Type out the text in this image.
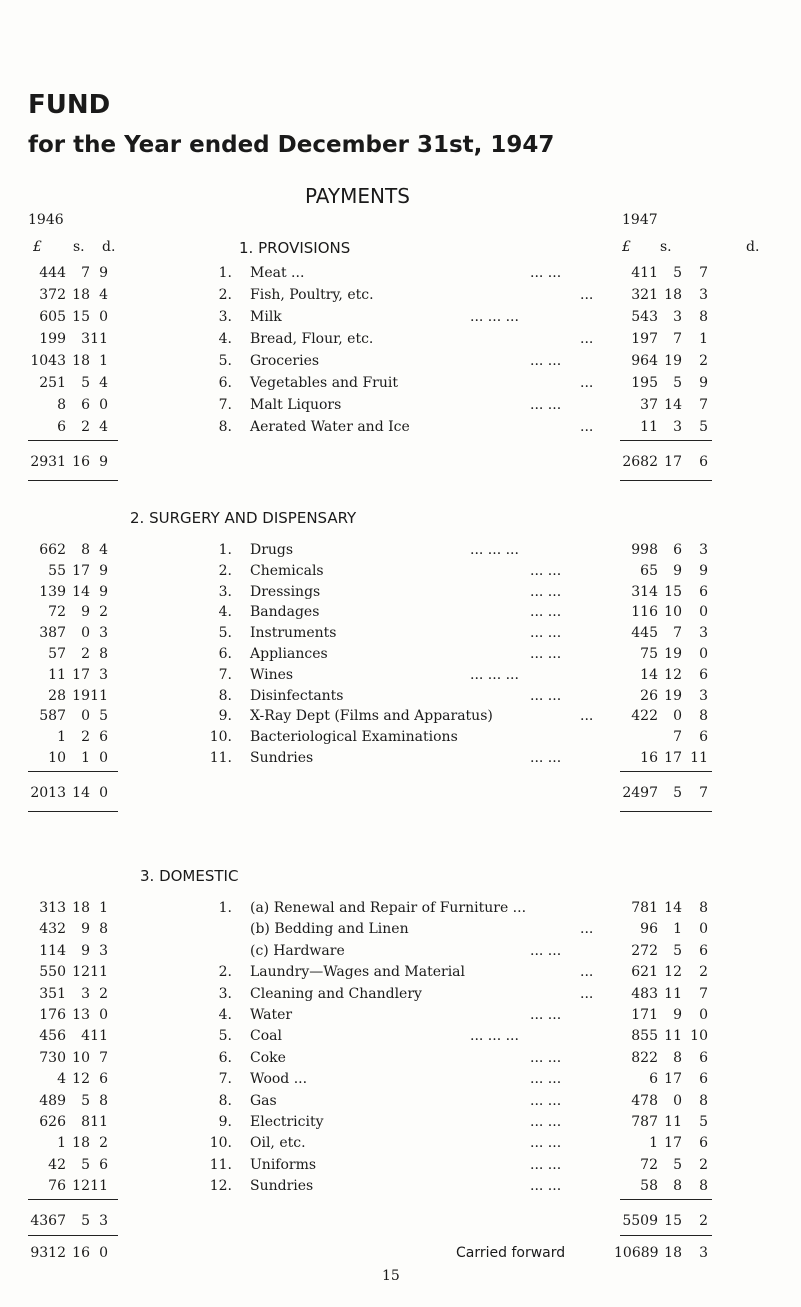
FUND
for the Year ended December 31st, 1947
PAYMENTS
1946	1947
£ s. d.	£ s.	d.
1. PROVISIONS
444	7 9	1. Meat ...	... ...	411	5	7
372 18 4	2. Fish, Poultry, etc.	...	321 18	3
605 15 0	3. Milk	... ... ...	543	3	8
199	3 11	4. Bread, Flour, etc.	...	197	7	1
1043 18 1	5. Groceries	... ...	964 19	2
251	5 4	6. Vegetables and Fruit	...	195	5	9
8	6 0	7. Malt Liquors	... ...	37 14	7
6	2 4	8. Aerated Water and Ice	...	11	3	5
2931 16 9	2682 17	6
2. SURGERY AND DISPENSARY
662	8 4	1. Drugs	... ... ...	998	6	3
55 17 9	2. Chemicals	... ...	65	9	9
139 14 9	3. Dressings	... ...	314 15	6
72	9 2	4. Bandages	... ...	116 10	0
387	0 3	5. Instruments	... ...	445	7	3
57	2 8	6. Appliances	... ...	75 19	0
11 17 3	7. Wines	... ... ...	14 12	6
28 19 11	8. Disinfectants	... ...	26 19	3
587	0 5	9. X-Ray Dept (Films and Apparatus)	...	422	0	8
1	2 6	10. Bacteriological Examinations	7	6
10	1 0	11. Sundries	... ...	16 17 11
2013 14 0	2497	5	7
3. DOMESTIC
313 18 1	1. (a) Renewal and Repair of Furniture ...	781 14	8
432	9 8	(b) Bedding and Linen	...	96	1	0
114	9 3	(c) Hardware	... ...	272	5	6
550 12 11	2. Laundry—Wages and Material	...	621 12	2
351	3 2	3. Cleaning and Chandlery	...	483 11	7
176 13 0	4. Water	... ...	171	9	0
456	4 11	5. Coal	... ... ...	855 11 10
730 10 7	6. Coke	... ...	822	8	6
4 12 6	7. Wood ...	... ...	6 17	6
489	5 8	8. Gas	... ...	478	0	8
626	8 11	9. Electricity	... ...	787 11	5
1 18 2	10. Oil, etc.	... ...	1 17	6
42	5 6	11. Uniforms	... ...	72	5	2
76 12 11	12. Sundries	... ...	58	8	8
4367	5 3	5509 15	2
9312 16 0	Carried forward	10689 18	3
15
